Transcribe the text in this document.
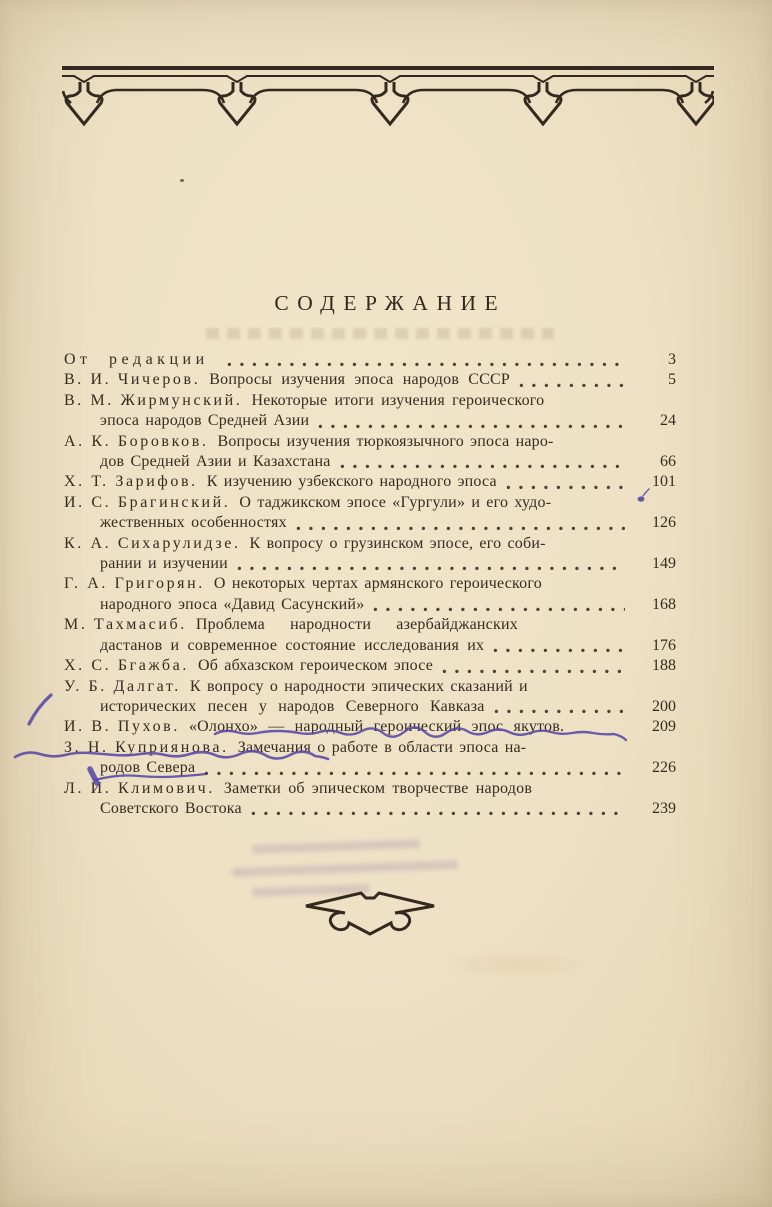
СОДЕРЖАНИЕ
От редакции	3
В. И. Чичеров. Вопросы изучения эпоса народов СССР	5
В. М. Жирмунский. Некоторые итоги изучения героического
эпоса народов Средней Азии	24
А. К. Боровков. Вопросы изучения тюркоязычного эпоса наро-
дов Средней Азии и Казахстана	66
Х. Т. Зарифов. К изучению узбекского народного эпоса	101
И. С. Брагинский. О таджикском эпосе «Гургули» и его худо-
жественных особенностях	126
К. А. Сихарулидзе. К вопросу о грузинском эпосе, его соби-
рании и изучении	149
Г. А. Григорян. О некоторых чертах армянского героического
народного эпоса «Давид Сасунский»	168
М. Тахмасиб. Проблема народности азербайджанских
дастанов и современное состояние исследования их	176
Х. С. Бгажба. Об абхазском героическом эпосе	188
У. Б. Далгат. К вопросу о народности эпических сказаний и
исторических песен у народов Северного Кавказа	200
И. В. Пухов. «Олонхо» — народный героический эпос якутов.	209
З. Н. Куприянова. Замечания о работе в области эпоса на-
родов Севера	226
Л. И. Климович. Заметки об эпическом творчестве народов
Советского Востока	239
